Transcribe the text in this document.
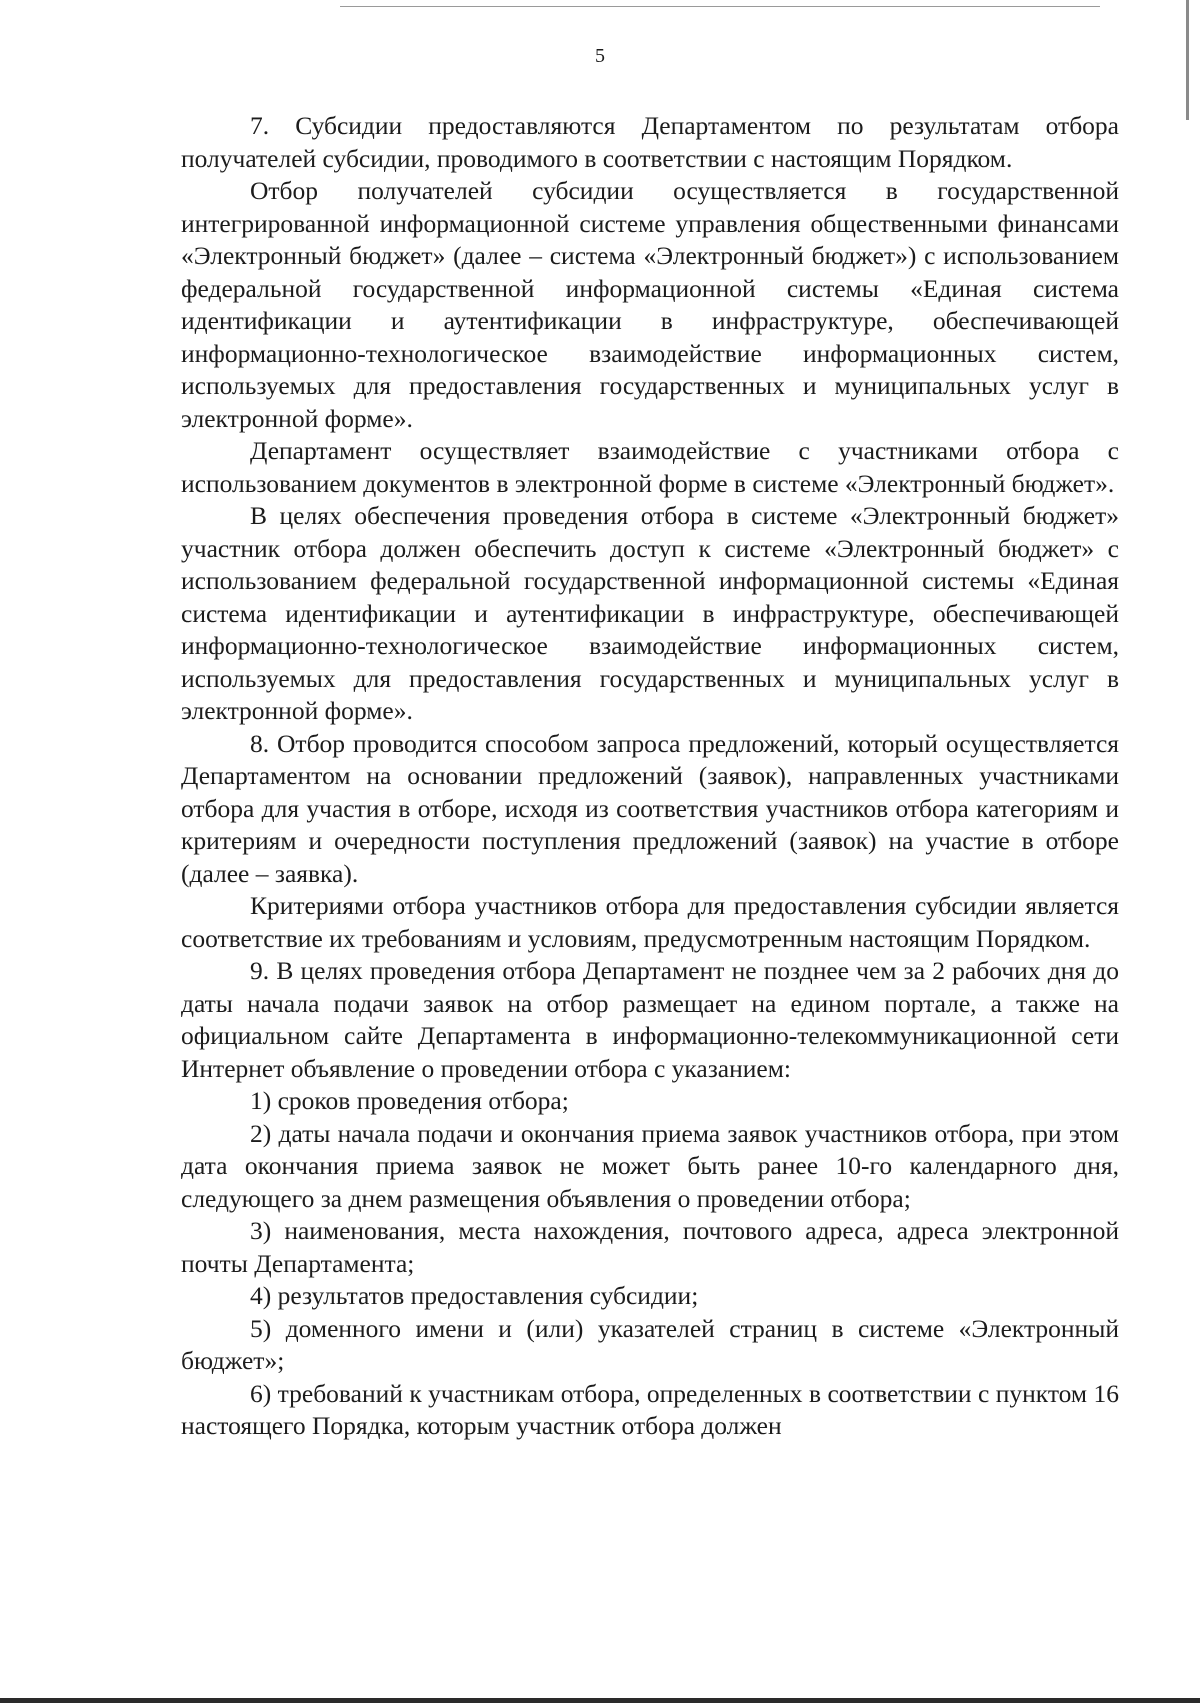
5

7. Субсидии предоставляются Департаментом по результатам отбора получателей субсидии, проводимого в соответствии с настоящим Порядком.

Отбор получателей субсидии осуществляется в государственной интегрированной информационной системе управления общественными финансами «Электронный бюджет» (далее – система «Электронный бюджет») с использованием федеральной государственной информационной системы «Единая система идентификации и аутентификации в инфраструктуре, обеспечивающей информационно-технологическое взаимодействие информационных систем, используемых для предоставления государственных и муниципальных услуг в электронной форме».

Департамент осуществляет взаимодействие с участниками отбора с использованием документов в электронной форме в системе «Электронный бюджет».

В целях обеспечения проведения отбора в системе «Электронный бюджет» участник отбора должен обеспечить доступ к системе «Электронный бюджет» с использованием федеральной государственной информационной системы «Единая система идентификации и аутентификации в инфраструктуре, обеспечивающей информационно-технологическое взаимодействие информационных систем, используемых для предоставления государственных и муниципальных услуг в электронной форме».

8. Отбор проводится способом запроса предложений, который осуществляется Департаментом на основании предложений (заявок), направленных участниками отбора для участия в отборе, исходя из соответствия участников отбора категориям и критериям и очередности поступления предложений (заявок) на участие в отборе (далее – заявка).

Критериями отбора участников отбора для предоставления субсидии является соответствие их требованиям и условиям, предусмотренным настоящим Порядком.

9. В целях проведения отбора Департамент не позднее чем за 2 рабочих дня до даты начала подачи заявок на отбор размещает на едином портале, а также на официальном сайте Департамента в информационно-телекоммуникационной сети Интернет объявление о проведении отбора с указанием:

1) сроков проведения отбора;

2) даты начала подачи и окончания приема заявок участников отбора, при этом дата окончания приема заявок не может быть ранее 10-го календарного дня, следующего за днем размещения объявления о проведении отбора;

3) наименования, места нахождения, почтового адреса, адреса электронной почты Департамента;

4) результатов предоставления субсидии;

5) доменного имени и (или) указателей страниц в системе «Электронный бюджет»;

6) требований к участникам отбора, определенных в соответствии с пунктом 16 настоящего Порядка, которым участник отбора должен
